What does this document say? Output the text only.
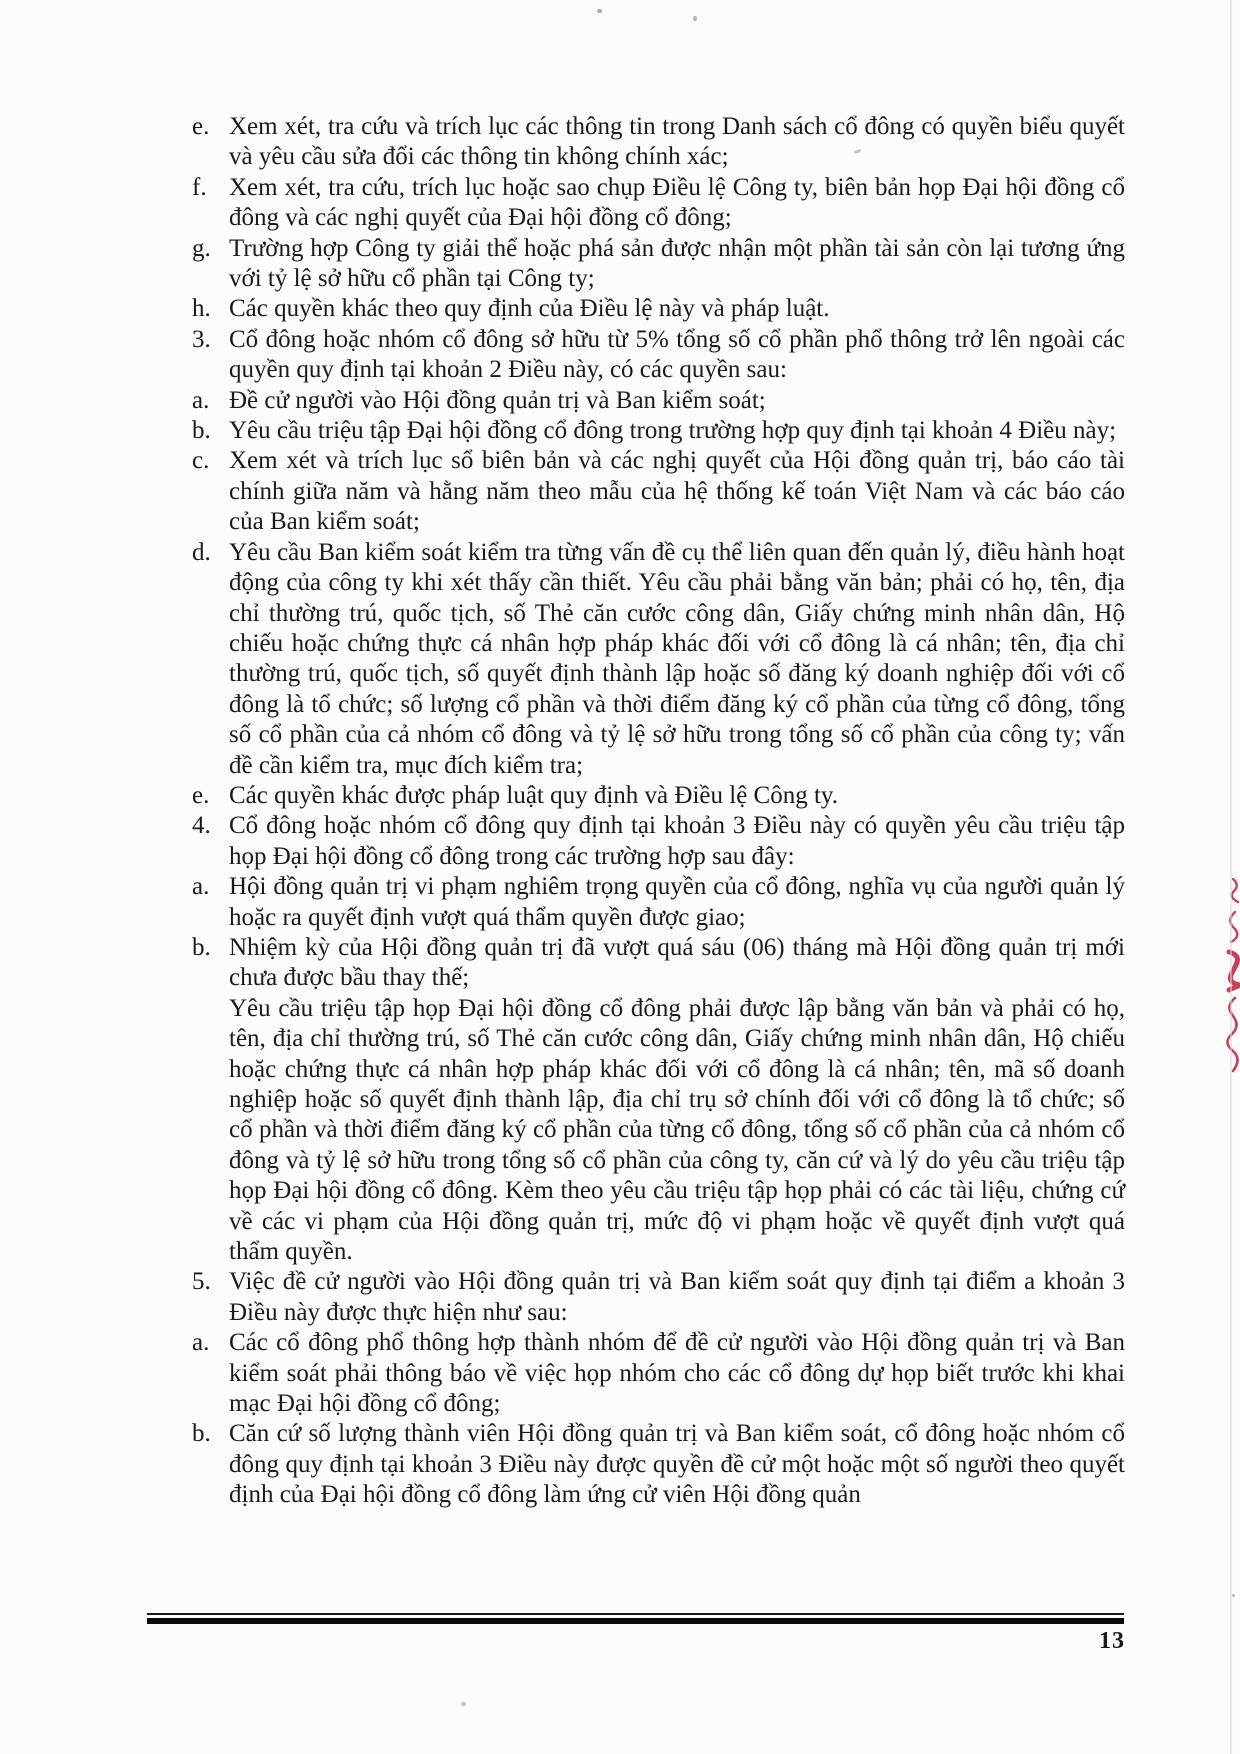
e. Xem xét, tra cứu và trích lục các thông tin trong Danh sách cổ đông có quyền biểu quyết và yêu cầu sửa đổi các thông tin không chính xác;
f. Xem xét, tra cứu, trích lục hoặc sao chụp Điều lệ Công ty, biên bản họp Đại hội đồng cổ đông và các nghị quyết của Đại hội đồng cổ đông;
g. Trường hợp Công ty giải thể hoặc phá sản được nhận một phần tài sản còn lại tương ứng với tỷ lệ sở hữu cổ phần tại Công ty;
h. Các quyền khác theo quy định của Điều lệ này và pháp luật.
3. Cổ đông hoặc nhóm cổ đông sở hữu từ 5% tổng số cổ phần phổ thông trở lên ngoài các quyền quy định tại khoản 2 Điều này, có các quyền sau:
a. Đề cử người vào Hội đồng quản trị và Ban kiểm soát;
b. Yêu cầu triệu tập Đại hội đồng cổ đông trong trường hợp quy định tại khoản 4 Điều này;
c. Xem xét và trích lục sổ biên bản và các nghị quyết của Hội đồng quản trị, báo cáo tài chính giữa năm và hằng năm theo mẫu của hệ thống kế toán Việt Nam và các báo cáo của Ban kiểm soát;
d. Yêu cầu Ban kiểm soát kiểm tra từng vấn đề cụ thể liên quan đến quản lý, điều hành hoạt động của công ty khi xét thấy cần thiết. Yêu cầu phải bằng văn bản; phải có họ, tên, địa chỉ thường trú, quốc tịch, số Thẻ căn cước công dân, Giấy chứng minh nhân dân, Hộ chiếu hoặc chứng thực cá nhân hợp pháp khác đối với cổ đông là cá nhân; tên, địa chỉ thường trú, quốc tịch, số quyết định thành lập hoặc số đăng ký doanh nghiệp đối với cổ đông là tổ chức; số lượng cổ phần và thời điểm đăng ký cổ phần của từng cổ đông, tổng số cổ phần của cả nhóm cổ đông và tỷ lệ sở hữu trong tổng số cổ phần của công ty; vấn đề cần kiểm tra, mục đích kiểm tra;
e. Các quyền khác được pháp luật quy định và Điều lệ Công ty.
4. Cổ đông hoặc nhóm cổ đông quy định tại khoản 3 Điều này có quyền yêu cầu triệu tập họp Đại hội đồng cổ đông trong các trường hợp sau đây:
a. Hội đồng quản trị vi phạm nghiêm trọng quyền của cổ đông, nghĩa vụ của người quản lý hoặc ra quyết định vượt quá thẩm quyền được giao;
b. Nhiệm kỳ của Hội đồng quản trị đã vượt quá sáu (06) tháng mà Hội đồng quản trị mới chưa được bầu thay thế;
Yêu cầu triệu tập họp Đại hội đồng cổ đông phải được lập bằng văn bản và phải có họ, tên, địa chỉ thường trú, số Thẻ căn cước công dân, Giấy chứng minh nhân dân, Hộ chiếu hoặc chứng thực cá nhân hợp pháp khác đối với cổ đông là cá nhân; tên, mã số doanh nghiệp hoặc số quyết định thành lập, địa chỉ trụ sở chính đối với cổ đông là tổ chức; số cổ phần và thời điểm đăng ký cổ phần của từng cổ đông, tổng số cổ phần của cả nhóm cổ đông và tỷ lệ sở hữu trong tổng số cổ phần của công ty, căn cứ và lý do yêu cầu triệu tập họp Đại hội đồng cổ đông. Kèm theo yêu cầu triệu tập họp phải có các tài liệu, chứng cứ về các vi phạm của Hội đồng quản trị, mức độ vi phạm hoặc về quyết định vượt quá thẩm quyền.
5. Việc đề cử người vào Hội đồng quản trị và Ban kiểm soát quy định tại điểm a khoản 3 Điều này được thực hiện như sau:
a. Các cổ đông phổ thông hợp thành nhóm để đề cử người vào Hội đồng quản trị và Ban kiểm soát phải thông báo về việc họp nhóm cho các cổ đông dự họp biết trước khi khai mạc Đại hội đồng cổ đông;
b. Căn cứ số lượng thành viên Hội đồng quản trị và Ban kiểm soát, cổ đông hoặc nhóm cổ đông quy định tại khoản 3 Điều này được quyền đề cử một hoặc một số người theo quyết định của Đại hội đồng cổ đông làm ứng cử viên Hội đồng quản
13
